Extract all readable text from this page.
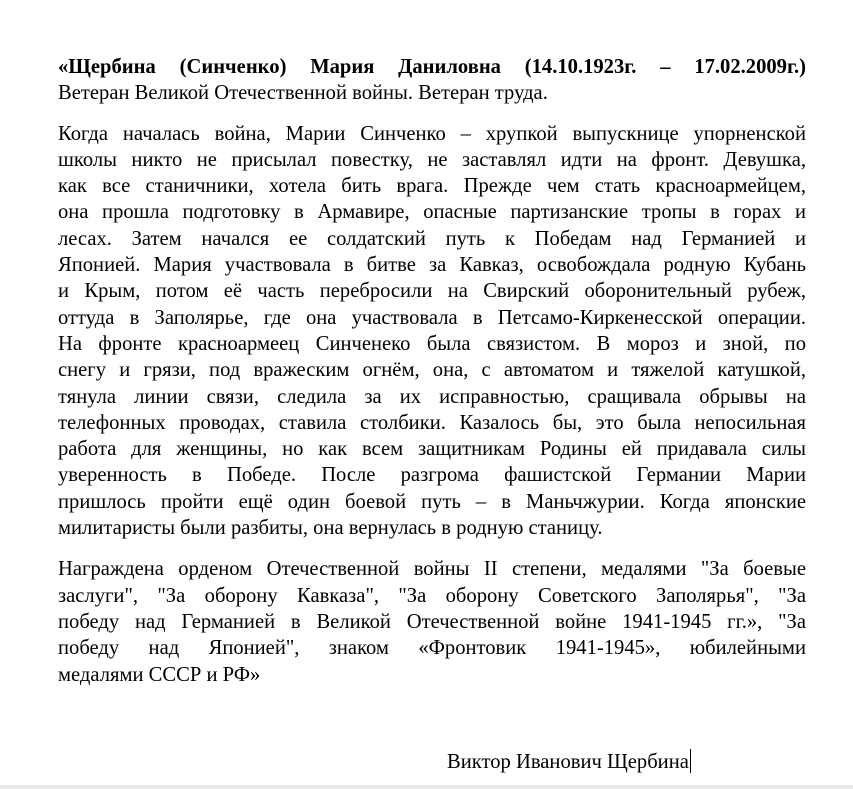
«Щербина (Синченко) Мария Даниловна (14.10.1923г. – 17.02.2009г.)
Ветеран Великой Отечественной войны. Ветеран труда.
Когда началась война, Марии Синченко – хрупкой выпускнице упорненской
школы никто не присылал повестку, не заставлял идти на фронт. Девушка,
как все станичники, хотела бить врага. Прежде чем стать красноармейцем,
она прошла подготовку в Армавире, опасные партизанские тропы в горах и
лесах. Затем начался ее солдатский путь к Победам над Германией и
Японией. Мария участвовала в битве за Кавказ, освобождала родную Кубань
и Крым, потом её часть перебросили на Свирский оборонительный рубеж,
оттуда в Заполярье, где она участвовала в Петсамо-Киркенесской операции.
На фронте красноармеец Синченеко была связистом. В мороз и зной, по
снегу и грязи, под вражеским огнём, она, с автоматом и тяжелой катушкой,
тянула линии связи, следила за их исправностью, сращивала обрывы на
телефонных проводах, ставила столбики. Казалось бы, это была непосильная
работа для женщины, но как всем защитникам Родины ей придавала силы
уверенность в Победе. После разгрома фашистской Германии Марии
пришлось пройти ещё один боевой путь – в Маньчжурии. Когда японские
милитаристы были разбиты, она вернулась в родную станицу.
Награждена орденом Отечественной войны II степени, медалями "За боевые
заслуги", "За оборону Кавказа", "За оборону Советского Заполярья", "За
победу над Германией в Великой Отечественной войне 1941-1945 гг.», "За
победу над Японией", знаком «Фронтовик 1941-1945», юбилейными
медалями СССР и РФ»
Виктор Иванович Щербина
